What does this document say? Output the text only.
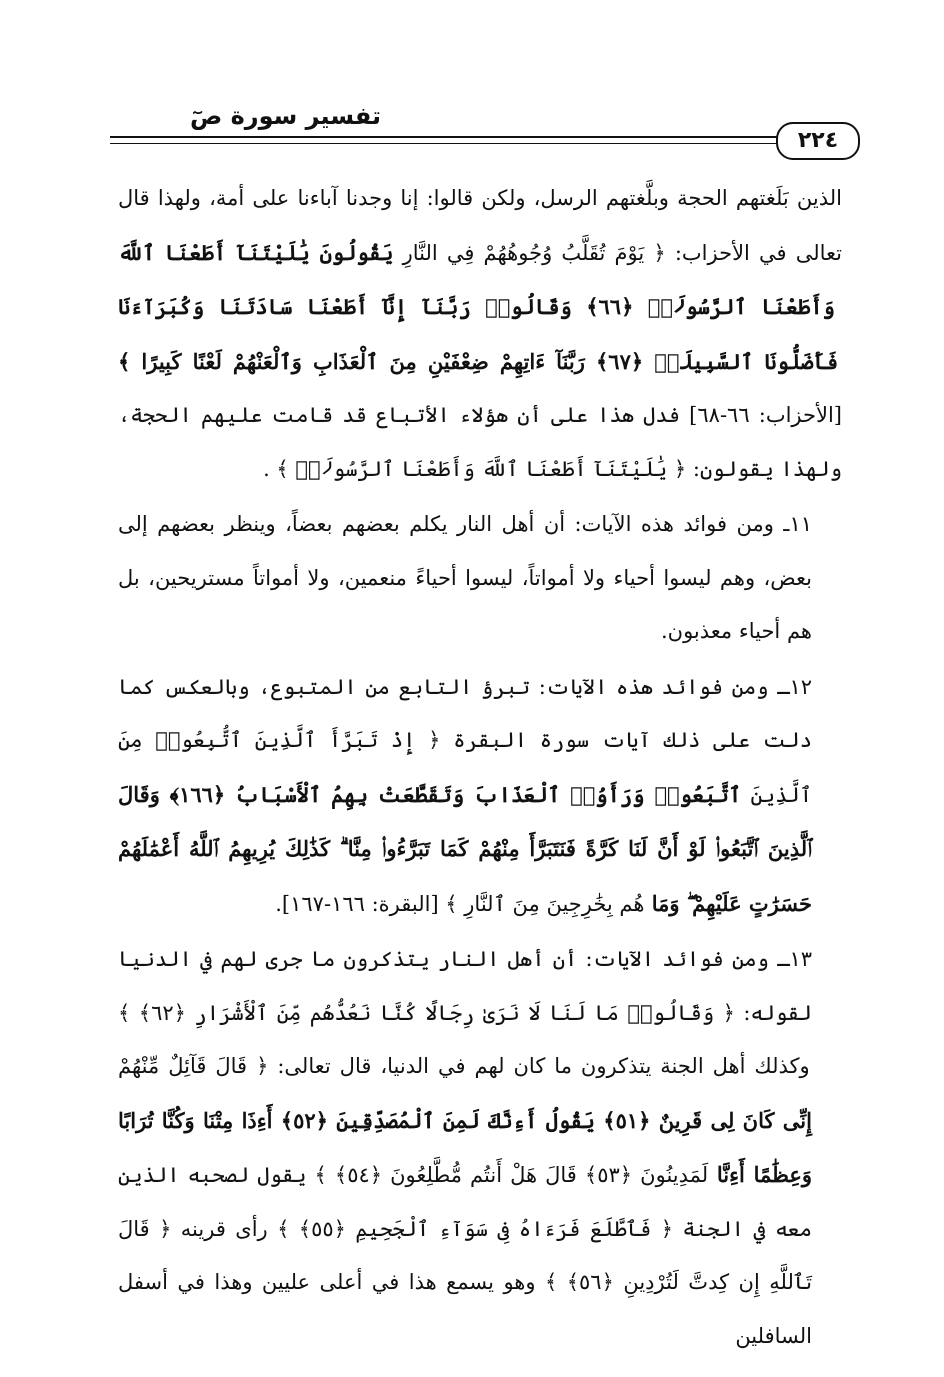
تفسير سورة صٓ
٢٢٤

الذين بَلَغتهم الحجة وبلَّغتهم الرسل، ولكن قالوا: إنا وجدنا آباءنا على أمة، ولهذا قال تعالى في الأحزاب: ﴿ يَوْمَ تُقَلَّبُ وُجُوهُهُمْ فِي النَّارِ يَقُولُونَ يَٰلَيْتَنَآ أَطَعْنَا ٱللَّهَ وَأَطَعْنَا ٱلرَّسُولَا۠ ﴿٦٦﴾ وَقَالُوا۟ رَبَّنَآ إِنَّآ أَطَعْنَا سَادَتَنَا وَكُبَرَآءَنَا فَأَضَلُّونَا ٱلسَّبِيلَا۠ ﴿٦٧﴾ رَبَّنَآ ءَاتِهِمْ ضِعْفَيْنِ مِنَ ٱلْعَذَابِ وَٱلْعَنْهُمْ لَعْنًا كَبِيرًا ﴾ [الأحزاب: ٦٦-٦٨] فدل هذا على أن هؤلاء الأتباع قد قامت عليهم الحجة، ولهذا يقولون: ﴿ يَٰلَيْتَنَآ أَطَعْنَا ٱللَّهَ وَأَطَعْنَا ٱلرَّسُولَا۠ ﴾ .

١١ـ ومن فوائد هذه الآيات: أن أهل النار يكلم بعضهم بعضاً، وينظر بعضهم إلى بعض، وهم ليسوا أحياء ولا أمواتاً، ليسوا أحياءً منعمين، ولا أمواتاً مستريحين، بل هم أحياء معذبون.

١٢ـ ومن فوائد هذه الآيات: تبرؤ التابع من المتبوع، وبالعكس كما دلت على ذلك آيات سورة البقرة ﴿ إِذْ تَبَرَّأَ ٱلَّذِينَ ٱتُّبِعُوا۟ مِنَ ٱلَّذِينَ ٱتَّبَعُوا۟ وَرَأَوُا۟ ٱلْعَذَابَ وَتَقَطَّعَتْ بِهِمُ ٱلْأَسْبَابُ ﴿١٦٦﴾ وَقَالَ ٱلَّذِينَ ٱتَّبَعُوا۟ لَوْ أَنَّ لَنَا كَرَّةً فَنَتَبَرَّأَ مِنْهُمْ كَمَا تَبَرَّءُوا۟ مِنَّا ۗ كَذَٰلِكَ يُرِيهِمُ ٱللَّهُ أَعْمَٰلَهُمْ حَسَرَٰتٍ عَلَيْهِمْ ۖ وَمَا هُم بِخَٰرِجِينَ مِنَ ٱلنَّارِ ﴾ [البقرة: ١٦٦-١٦٧].

١٣ـ ومن فوائد الآيات: أن أهل النار يتذكرون ما جرى لهم في الدنيا لقوله: ﴿ وَقَالُوا۟ مَا لَنَا لَا نَرَىٰ رِجَالًا كُنَّا نَعُدُّهُم مِّنَ ٱلْأَشْرَارِ ﴿٦٢﴾ ﴾ وكذلك أهل الجنة يتذكرون ما كان لهم في الدنيا، قال تعالى: ﴿ قَالَ قَآئِلٌ مِّنْهُمْ إِنِّى كَانَ لِى قَرِينٌ ﴿٥١﴾ يَقُولُ أَءِنَّكَ لَمِنَ ٱلْمُصَدِّقِينَ ﴿٥٢﴾ أَءِذَا مِتْنَا وَكُنَّا تُرَابًا وَعِظَٰمًا أَءِنَّا لَمَدِينُونَ ﴿٥٣﴾ قَالَ هَلْ أَنتُم مُّطَّلِعُونَ ﴿٥٤﴾ ﴾ يقول لصحبه الذين معه في الجنة ﴿ فَٱطَّلَعَ فَرَءَاهُ فِى سَوَآءِ ٱلْجَحِيمِ ﴿٥٥﴾ ﴾ رأى قرينه ﴿ قَالَ تَٱللَّهِ إِن كِدتَّ لَتُرْدِينِ ﴿٥٦﴾ ﴾ وهو يسمع هذا في أعلى عليين وهذا في أسفل السافلين
